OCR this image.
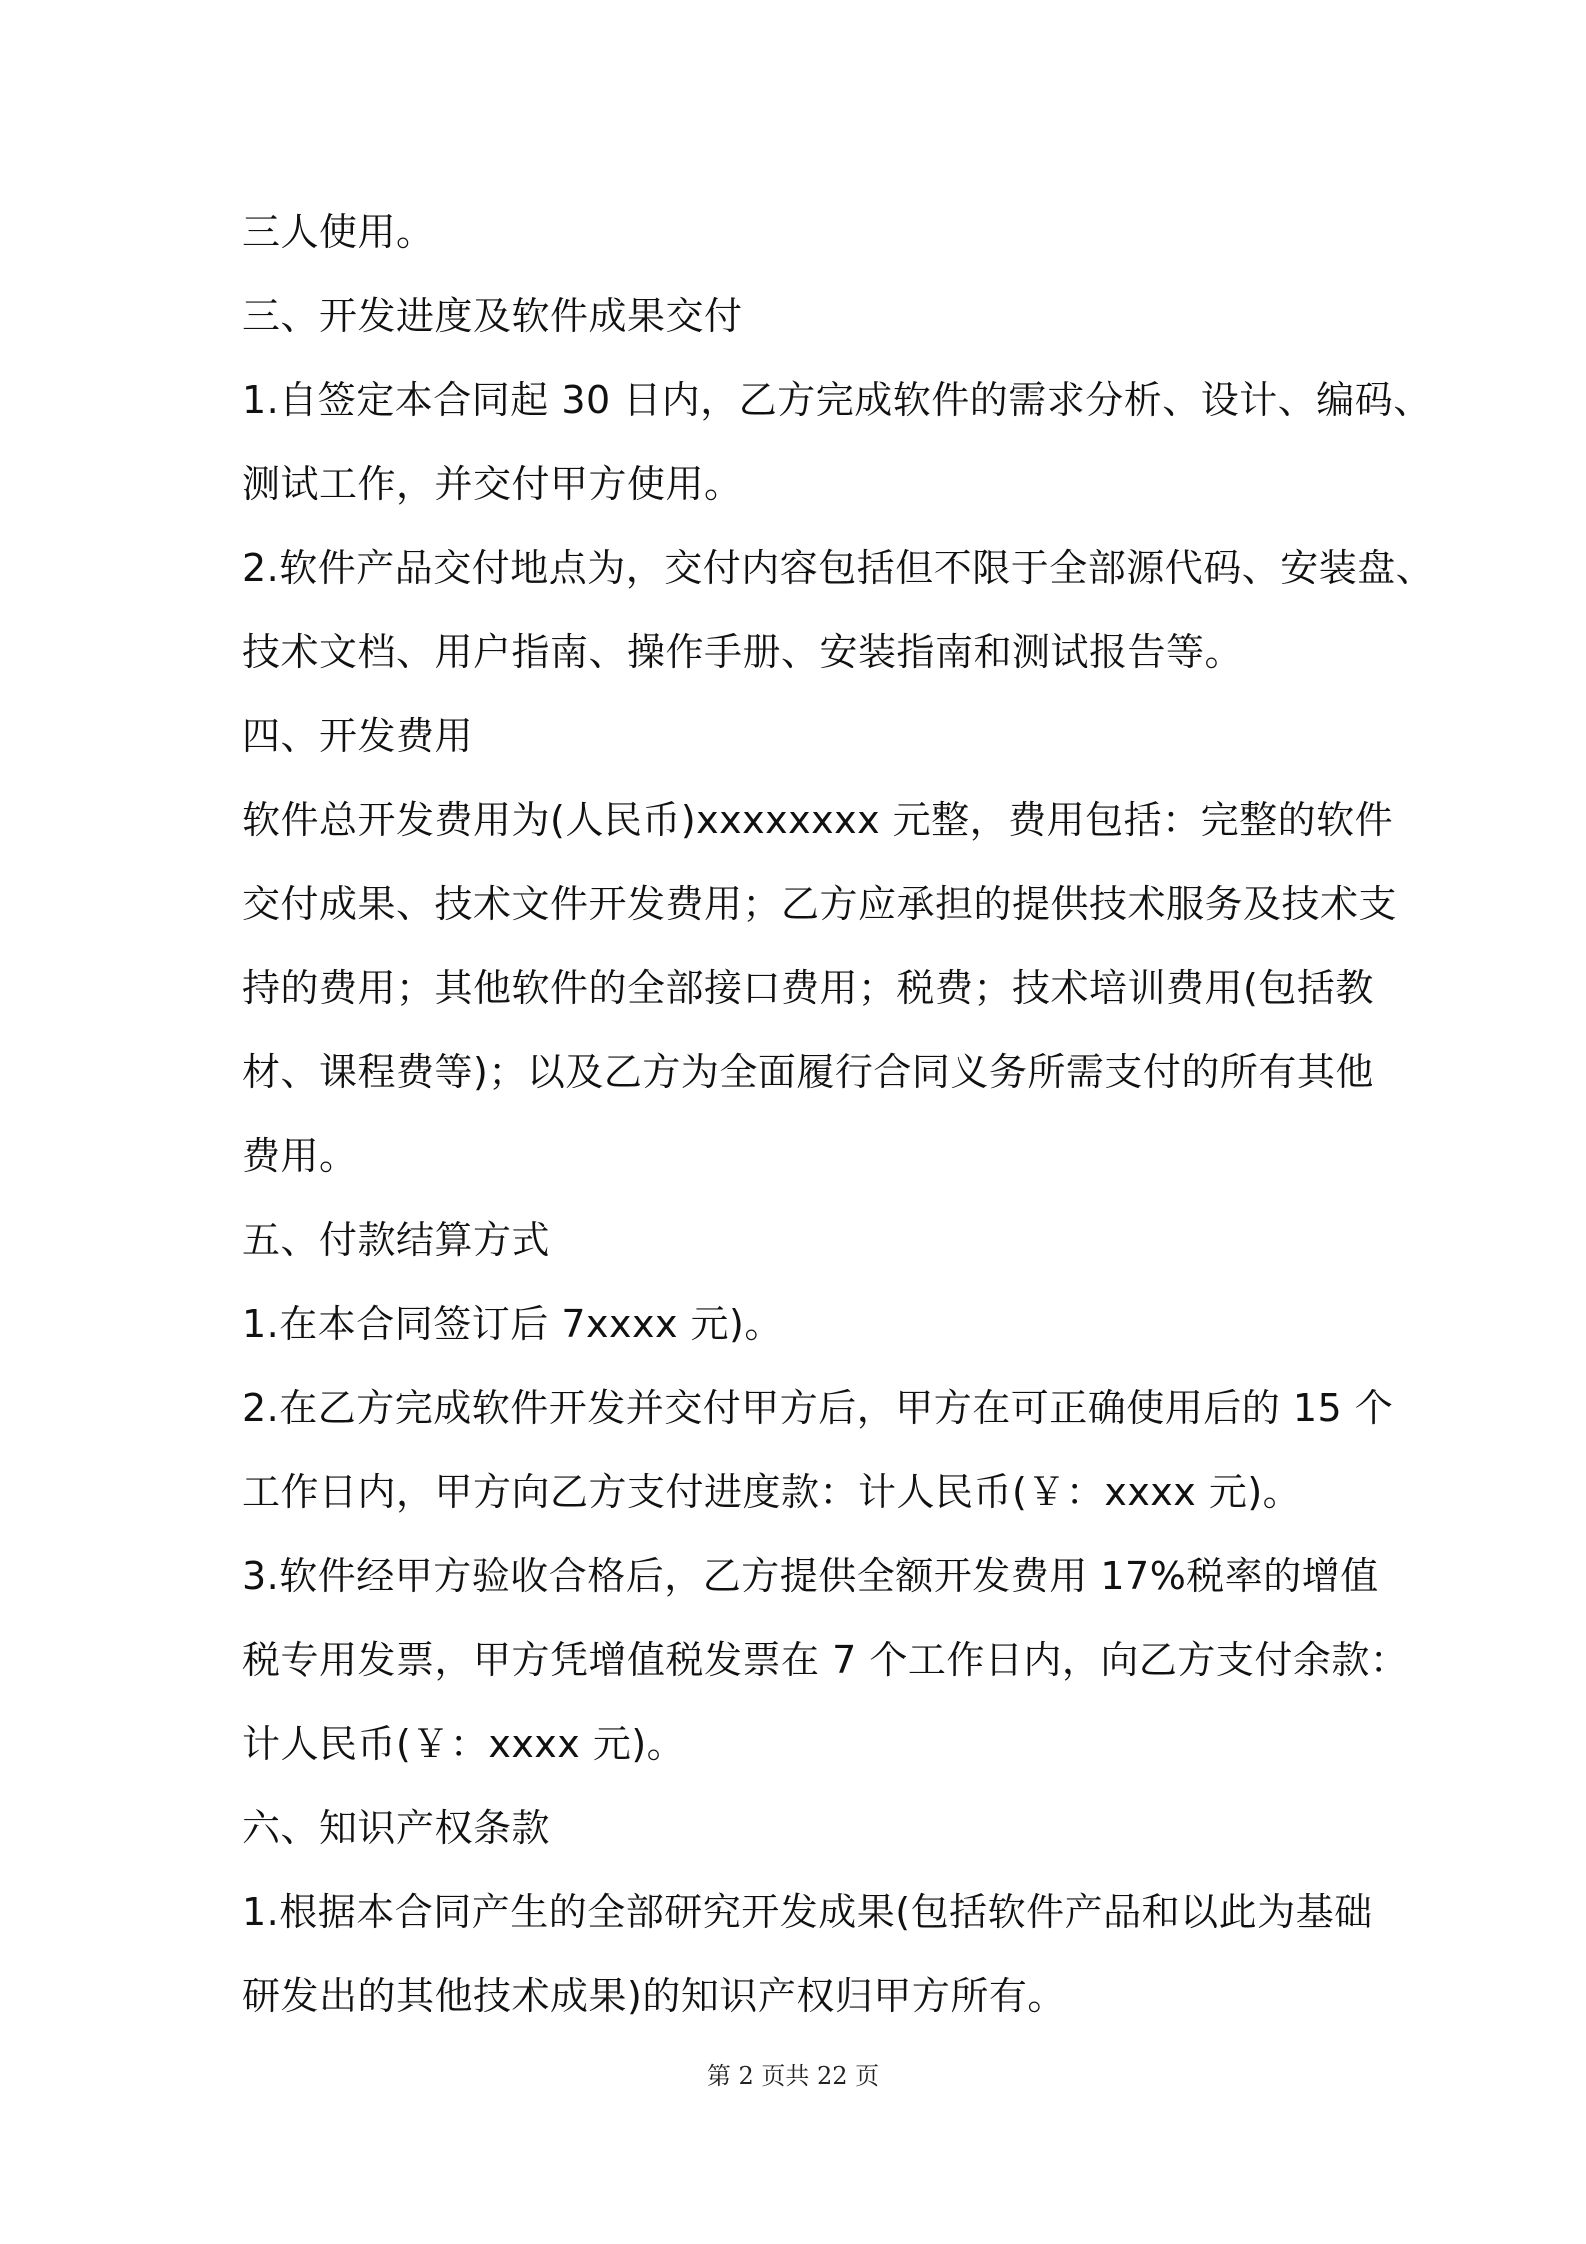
三人使用。
三、开发进度及软件成果交付
1.自签定本合同起 30 日内，乙方完成软件的需求分析、设计、编码、
测试工作，并交付甲方使用。
2.软件产品交付地点为，交付内容包括但不限于全部源代码、安装盘、
技术文档、用户指南、操作手册、安装指南和测试报告等。
四、开发费用
软件总开发费用为(人民币)xxxxxxxx 元整，费用包括：完整的软件
交付成果、技术文件开发费用；乙方应承担的提供技术服务及技术支
持的费用；其他软件的全部接口费用；税费；技术培训费用(包括教
材、课程费等)；以及乙方为全面履行合同义务所需支付的所有其他
费用。
五、付款结算方式
1.在本合同签订后 7xxxx 元)。
2.在乙方完成软件开发并交付甲方后，甲方在可正确使用后的 15 个
工作日内，甲方向乙方支付进度款：计人民币(￥：xxxx 元)。
3.软件经甲方验收合格后，乙方提供全额开发费用 17%税率的增值
税专用发票，甲方凭增值税发票在 7 个工作日内，向乙方支付余款：
计人民币(￥：xxxx 元)。
六、知识产权条款
1.根据本合同产生的全部研究开发成果(包括软件产品和以此为基础
研发出的其他技术成果)的知识产权归甲方所有。
第 2 页共 22 页
